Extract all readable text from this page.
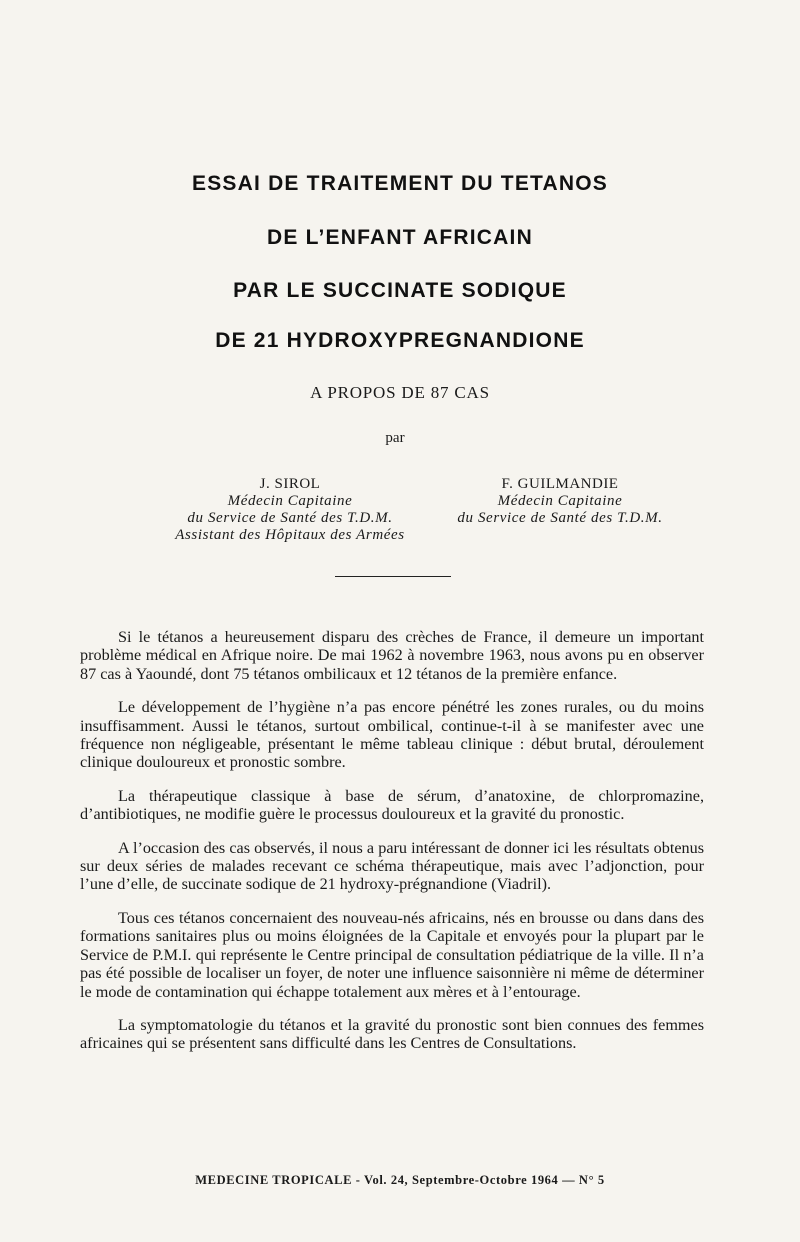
ESSAI DE TRAITEMENT DU TETANOS
DE L’ENFANT AFRICAIN
PAR LE SUCCINATE SODIQUE
DE 21 HYDROXYPREGNANDIONE
A PROPOS DE 87 CAS
par
J. SIROL
Médecin Capitaine
du Service de Santé des T.D.M.
Assistant des Hôpitaux des Armées
F. GUILMANDIE
Médecin Capitaine
du Service de Santé des T.D.M.

Si le tétanos a heureusement disparu des crèches de France, il demeure un important problème médical en Afrique noire. De mai 1962 à novembre 1963, nous avons pu en observer 87 cas à Yaoundé, dont 75 tétanos ombilicaux et 12 tétanos de la première enfance.

Le développement de l’hygiène n’a pas encore pénétré les zones rurales, ou du moins insuffisamment. Aussi le tétanos, surtout ombilical, continue-t-il à se manifester avec une fréquence non négligeable, présentant le même tableau clinique : début brutal, déroulement clinique douloureux et pronostic sombre.

La thérapeutique classique à base de sérum, d’anatoxine, de chlorpromazine, d’antibiotiques, ne modifie guère le processus douloureux et la gravité du pronostic.

A l’occasion des cas observés, il nous a paru intéressant de donner ici les résultats obtenus sur deux séries de malades recevant ce schéma thérapeutique, mais avec l’adjonction, pour l’une d’elle, de succinate sodique de 21 hydroxy-prégnandione (Viadril).

Tous ces tétanos concernaient des nouveau-nés africains, nés en brousse ou dans dans des formations sanitaires plus ou moins éloignées de la Capitale et envoyés pour la plupart par le Service de P.M.I. qui représente le Centre principal de consultation pédiatrique de la ville. Il n’a pas été possible de localiser un foyer, de noter une influence saisonnière ni même de déterminer le mode de contamination qui échappe totalement aux mères et à l’entourage.

La symptomatologie du tétanos et la gravité du pronostic sont bien connues des femmes africaines qui se présentent sans difficulté dans les Centres de Consultations.

MEDECINE TROPICALE - Vol. 24, Septembre-Octobre 1964 — N° 5
